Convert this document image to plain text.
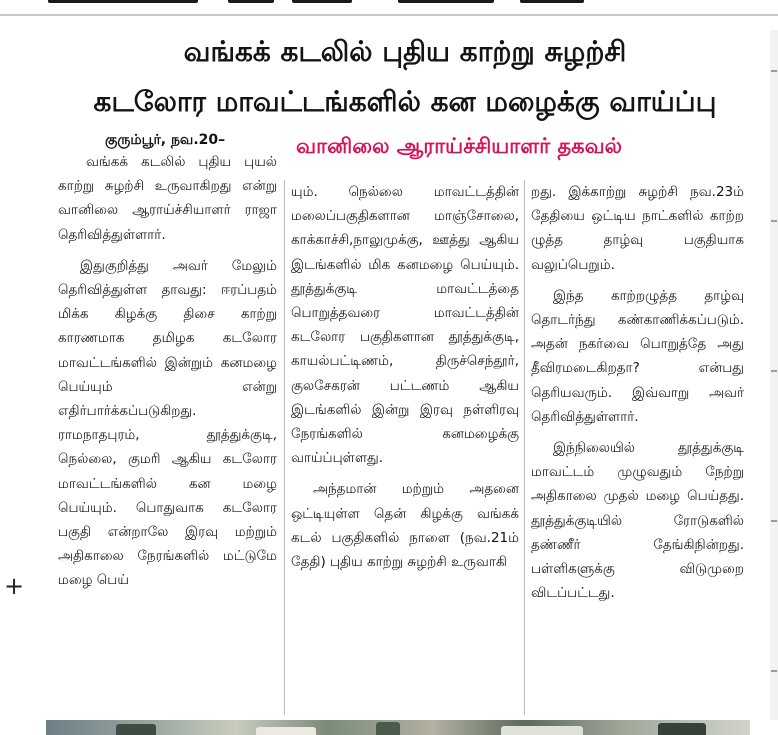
வங்கக் கடலில் புதிய காற்று சுழற்சி
கடலோர மாவட்டங்களில் கன மழைக்கு வாய்ப்பு

குரும்பூர், நவ.20–	வானிலை ஆராய்ச்சியாளர் தகவல்

வங்கக் கடலில் புதிய புயல் காற்று சுழற்சி உருவாகிறது என்று வானிலை ஆராய்ச்சியாளர் ராஜா தெரிவித்துள்ளார்.

இதுகுறித்து அவர் மேலும் தெரிவித்துள்ள தாவது: ஈரப்பதம் மிக்க கிழக்கு திசை காற்று காரணமாக தமிழக கடலோர மாவட்டங்களில் இன்றும் கனமழை பெய்யும் என்று எதிர்பார்க்கப்படுகிறது. ராமநாதபுரம், தூத்துக்குடி, நெல்லை, குமரி ஆகிய கடலோர மாவட்டங்களில் கன மழை பெய்யும். பொதுவாக கடலோர பகுதி என்றாலே இரவு மற்றும் அதிகாலை நேரங்களில் மட்டுமே மழை பெய்

யும். நெல்லை மாவட்டத்தின் மலைப்பகுதிகளான மாஞ்சோலை, காக்காச்சி,நாலுமுக்கு, ஊத்து ஆகிய இடங்களில் மிக கனமழை பெய்யும். தூத்துக்குடி மாவட்டத்தை பொறுத்தவரை மாவட்டத்தின் கடலோர பகுதிகளான தூத்துக்குடி, காயல்பட்டிணம், திருச்செந்தூர், குலசேகரன் பட்டணம் ஆகிய இடங்களில் இன்று இரவு நள்ளிரவு நேரங்களில் கனமழைக்கு வாய்ப்புள்ளது.

அந்தமான் மற்றும் அதனை ஒட்டியுள்ள தென் கிழக்கு வங்கக் கடல் பகுதிகளில் நாளை (நவ.21ம் தேதி) புதிய காற்று சுழற்சி உருவாகி

றது. இக்காற்று சுழற்சி நவ.23ம் தேதியை ஒட்டிய நாட்களில் காற்ற ழுத்த தாழ்வு பகுதியாக வலுப்பெறும்.

இந்த காற்றழுத்த தாழ்வு தொடர்ந்து கண்காணிக்கப்படும். அதன் நகர்வை பொறுத்தே அது தீவிரமடைகிறதா? என்பது தெரியவரும். இவ்வாறு அவர் தெரிவித்துள்ளார்.

இந்நிலையில் தூத்துக்குடி மாவட்டம் முழுவதும் நேற்று அதிகாலை முதல் மழை பெய்தது. தூத்துக்குடியில் ரோடுகளில் தண்ணீர் தேங்கிநின்றது. பள்ளிகளுக்கு விடுமுறை விடப்பட்டது.

+
